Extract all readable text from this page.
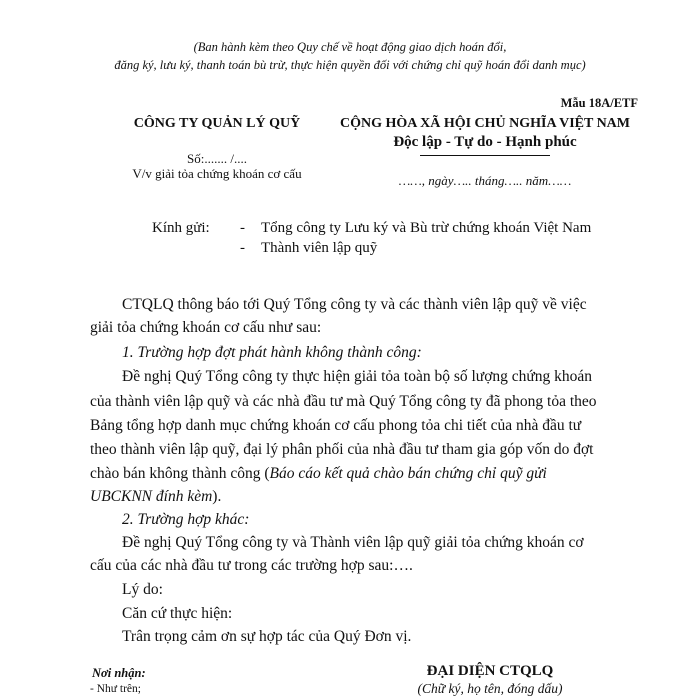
(Ban hành kèm theo Quy chế về hoạt động giao dịch hoán đổi,
đăng ký, lưu ký, thanh toán bù trừ, thực hiện quyền đối với chứng chỉ quỹ hoán đổi danh mục)
Mẫu 18A/ETF
CÔNG TY QUẢN LÝ QUỸ
Số:....... /....
V/v giải tỏa chứng khoán cơ cấu
CỘNG HÒA XÃ HỘI CHỦ NGHĨA VIỆT NAM
Độc lập - Tự do - Hạnh phúc
……, ngày….. tháng….. năm……
Kính gửi: - Tổng công ty Lưu ký và Bù trừ chứng khoán Việt Nam
- Thành viên lập quỹ
CTQLQ thông báo tới Quý Tổng công ty và các thành viên lập quỹ về việc
giải tỏa chứng khoán cơ cấu như sau:
1. Trường hợp đợt phát hành không thành công:
Đề nghị Quý Tổng công ty thực hiện giải tỏa toàn bộ số lượng chứng khoán
của thành viên lập quỹ và các nhà đầu tư mà Quý Tổng công ty đã phong tỏa theo
Bảng tổng hợp danh mục chứng khoán cơ cấu phong tỏa chi tiết của nhà đầu tư
theo thành viên lập quỹ, đại lý phân phối của nhà đầu tư tham gia góp vốn do đợt
chào bán không thành công (Báo cáo kết quả chào bán chứng chỉ quỹ gửi
UBCKNN đính kèm).
2. Trường hợp khác:
Đề nghị Quý Tổng công ty và Thành viên lập quỹ giải tỏa chứng khoán cơ
cấu của các nhà đầu tư trong các trường hợp sau:….
Lý do:
Căn cứ thực hiện:
Trân trọng cảm ơn sự hợp tác của Quý Đơn vị.
Nơi nhận:
- Như trên;
ĐẠI DIỆN CTQLQ
(Chữ ký, họ tên, đóng dấu)
